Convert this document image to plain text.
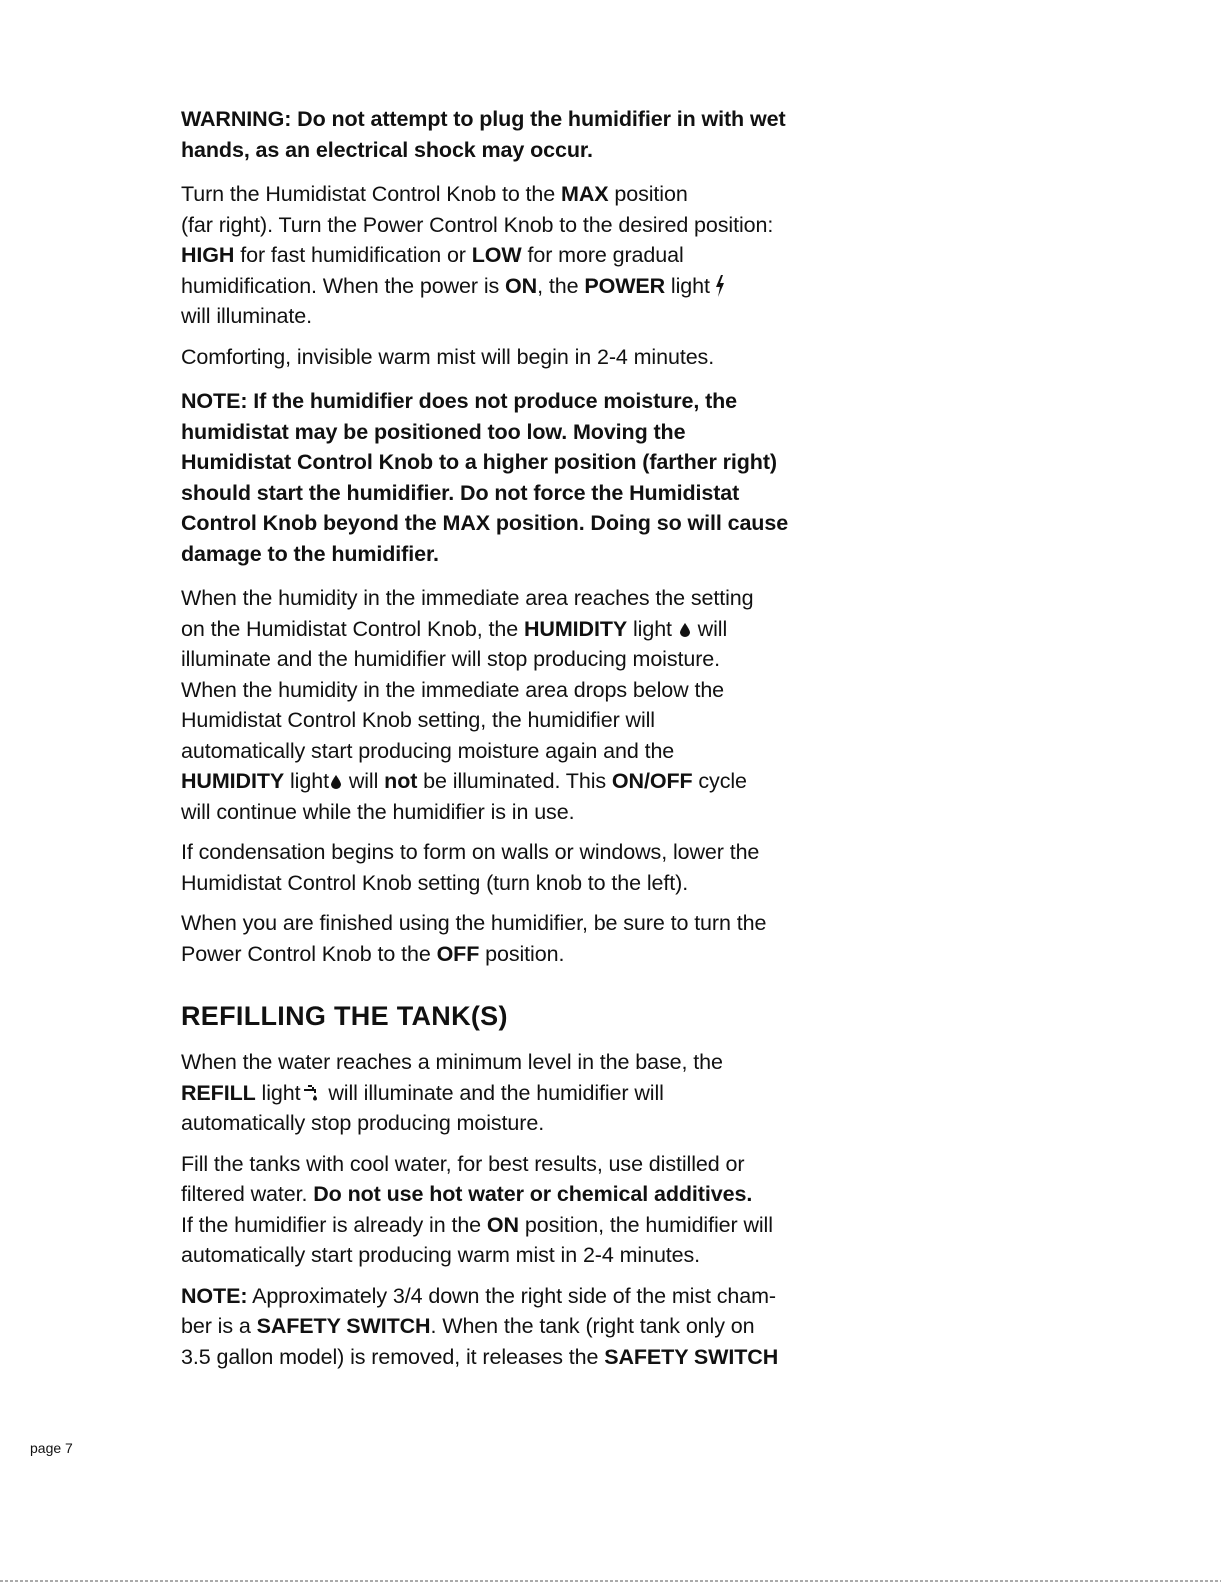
WARNING: Do not attempt to plug the humidifier in with wet
hands, as an electrical shock may occur.

Turn the Humidistat Control Knob to the MAX position
(far right). Turn the Power Control Knob to the desired position:
HIGH for fast humidification or LOW for more gradual
humidification. When the power is ON, the POWER light
will illuminate.

Comforting, invisible warm mist will begin in 2-4 minutes.

NOTE: If the humidifier does not produce moisture, the
humidistat may be positioned too low. Moving the
Humidistat Control Knob to a higher position (farther right)
should start the humidifier. Do not force the Humidistat
Control Knob beyond the MAX position. Doing so will cause
damage to the humidifier.

When the humidity in the immediate area reaches the setting
on the Humidistat Control Knob, the HUMIDITY light  will
illuminate and the humidifier will stop producing moisture.
When the humidity in the immediate area drops below the
Humidistat Control Knob setting, the humidifier will
automatically start producing moisture again and the
HUMIDITY light will not be illuminated. This ON/OFF cycle
will continue while the humidifier is in use.

If condensation begins to form on walls or windows, lower the
Humidistat Control Knob setting (turn knob to the left).

When you are finished using the humidifier, be sure to turn the
Power Control Knob to the OFF position.

REFILLING THE TANK(S)

When the water reaches a minimum level in the base, the
REFILL light will illuminate and the humidifier will
automatically stop producing moisture.

Fill the tanks with cool water, for best results, use distilled or
filtered water. Do not use hot water or chemical additives.
If the humidifier is already in the ON position, the humidifier will
automatically start producing warm mist in 2-4 minutes.

NOTE: Approximately 3/4 down the right side of the mist cham-
ber is a SAFETY SWITCH. When the tank (right tank only on
3.5 gallon model) is removed, it releases the SAFETY SWITCH

page 7
